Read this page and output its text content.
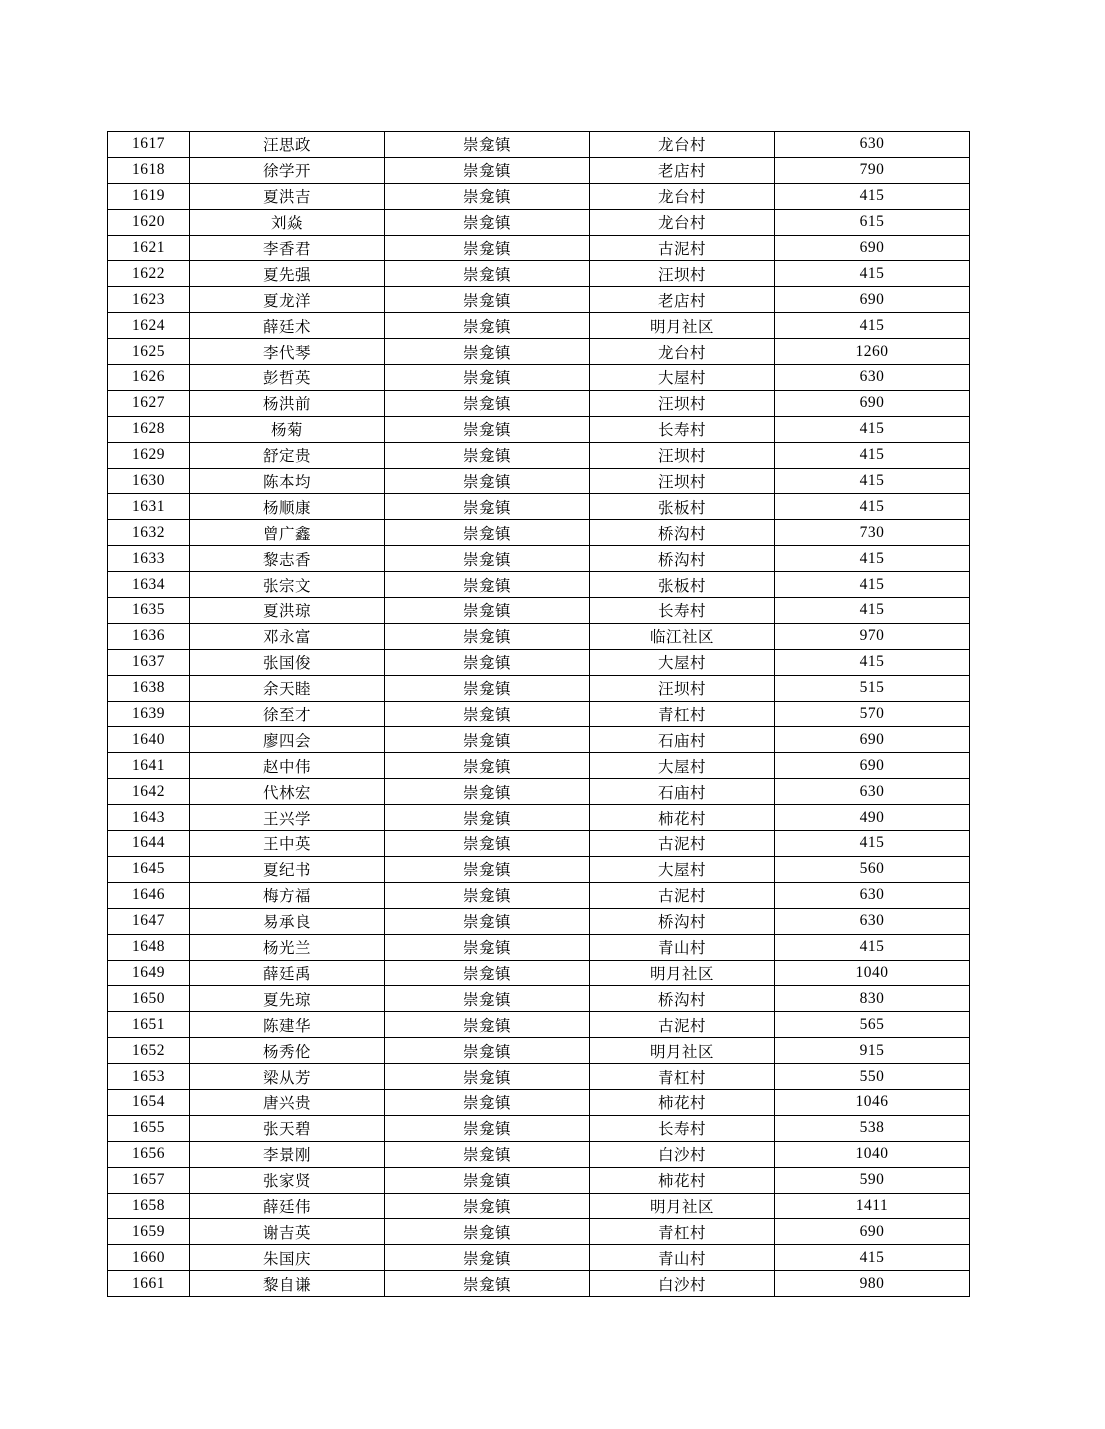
1617	汪思政	崇龛镇	龙台村	630
1618	徐学开	崇龛镇	老店村	790
1619	夏洪吉	崇龛镇	龙台村	415
1620	刘焱	崇龛镇	龙台村	615
1621	李香君	崇龛镇	古泥村	690
1622	夏先强	崇龛镇	汪坝村	415
1623	夏龙洋	崇龛镇	老店村	690
1624	薛廷术	崇龛镇	明月社区	415
1625	李代琴	崇龛镇	龙台村	1260
1626	彭哲英	崇龛镇	大屋村	630
1627	杨洪前	崇龛镇	汪坝村	690
1628	杨菊	崇龛镇	长寿村	415
1629	舒定贵	崇龛镇	汪坝村	415
1630	陈本均	崇龛镇	汪坝村	415
1631	杨顺康	崇龛镇	张板村	415
1632	曾广鑫	崇龛镇	桥沟村	730
1633	黎志香	崇龛镇	桥沟村	415
1634	张宗文	崇龛镇	张板村	415
1635	夏洪琼	崇龛镇	长寿村	415
1636	邓永富	崇龛镇	临江社区	970
1637	张国俊	崇龛镇	大屋村	415
1638	余天睦	崇龛镇	汪坝村	515
1639	徐至才	崇龛镇	青杠村	570
1640	廖四会	崇龛镇	石庙村	690
1641	赵中伟	崇龛镇	大屋村	690
1642	代林宏	崇龛镇	石庙村	630
1643	王兴学	崇龛镇	柿花村	490
1644	王中英	崇龛镇	古泥村	415
1645	夏纪书	崇龛镇	大屋村	560
1646	梅方福	崇龛镇	古泥村	630
1647	易承良	崇龛镇	桥沟村	630
1648	杨光兰	崇龛镇	青山村	415
1649	薛廷禹	崇龛镇	明月社区	1040
1650	夏先琼	崇龛镇	桥沟村	830
1651	陈建华	崇龛镇	古泥村	565
1652	杨秀伦	崇龛镇	明月社区	915
1653	梁从芳	崇龛镇	青杠村	550
1654	唐兴贵	崇龛镇	柿花村	1046
1655	张天碧	崇龛镇	长寿村	538
1656	李景刚	崇龛镇	白沙村	1040
1657	张家贤	崇龛镇	柿花村	590
1658	薛廷伟	崇龛镇	明月社区	1411
1659	谢吉英	崇龛镇	青杠村	690
1660	朱国庆	崇龛镇	青山村	415
1661	黎自谦	崇龛镇	白沙村	980
